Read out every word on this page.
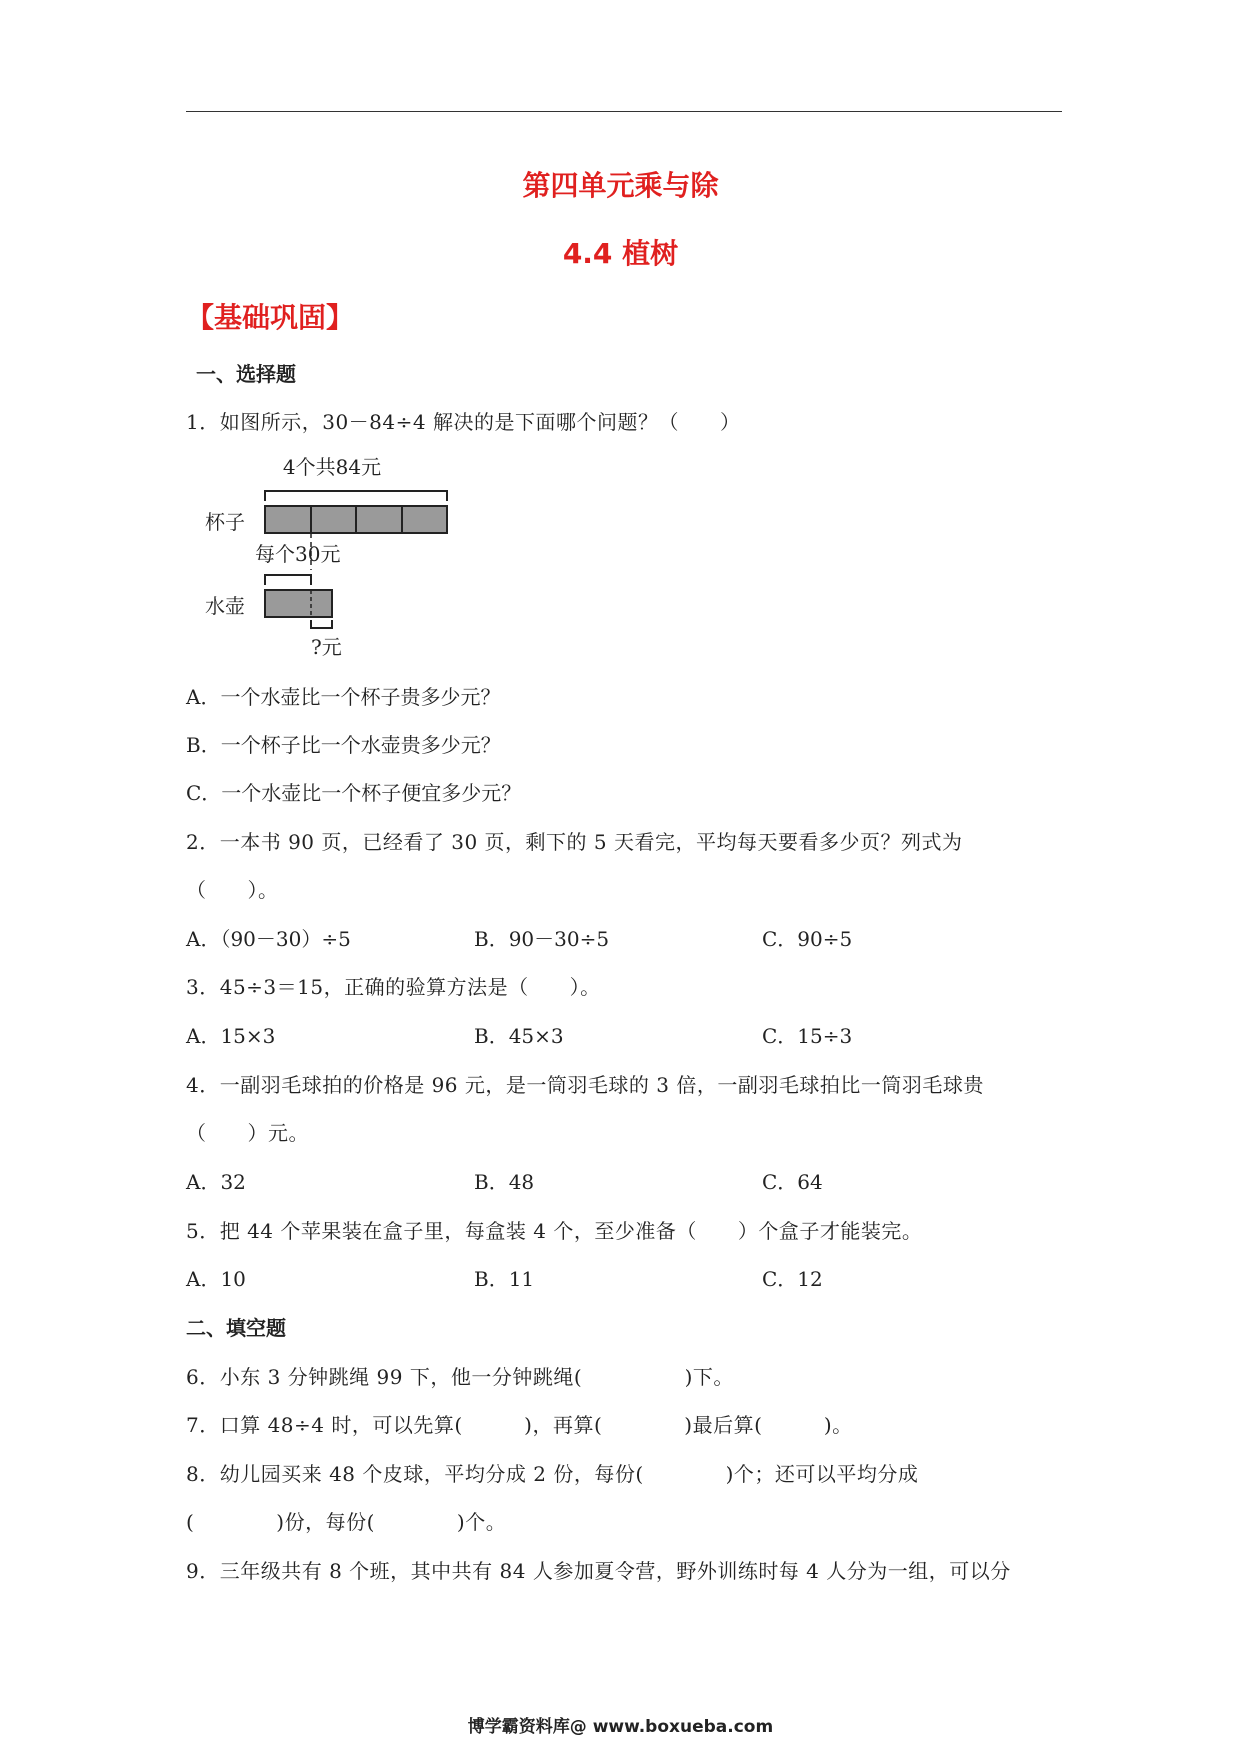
第四单元乘与除
4.4 植树
【基础巩固】
一、选择题
1．如图所示，30－84÷4 解决的是下面哪个问题？（　　）
4个共84元
杯子
每个30元
水壶
?元
A．一个水壶比一个杯子贵多少元？
B．一个杯子比一个水壶贵多少元？
C．一个水壶比一个杯子便宜多少元？
2．一本书 90 页，已经看了 30 页，剩下的 5 天看完，平均每天要看多少页？列式为
（　　）。
A．（90－30）÷5	B．90－30÷5	C．90÷5
3．45÷3＝15，正确的验算方法是（　　）。
A．15×3	B．45×3	C．15÷3
4．一副羽毛球拍的价格是 96 元，是一筒羽毛球的 3 倍，一副羽毛球拍比一筒羽毛球贵
（　　）元。
A．32	B．48	C．64
5．把 44 个苹果装在盒子里，每盒装 4 个，至少准备（　　）个盒子才能装完。
A．10	B．11	C．12
二、填空题
6．小东 3 分钟跳绳 99 下，他一分钟跳绳(　　　　　)下。
7．口算 48÷4 时，可以先算(　　　)，再算(　　　　)最后算(　　　)。
8．幼儿园买来 48 个皮球，平均分成 2 份，每份(　　　　)个；还可以平均分成
(　　　　)份，每份(　　　　)个。
9．三年级共有 8 个班，其中共有 84 人参加夏令营，野外训练时每 4 人分为一组，可以分
博学霸资料库@ www.boxueba.com
